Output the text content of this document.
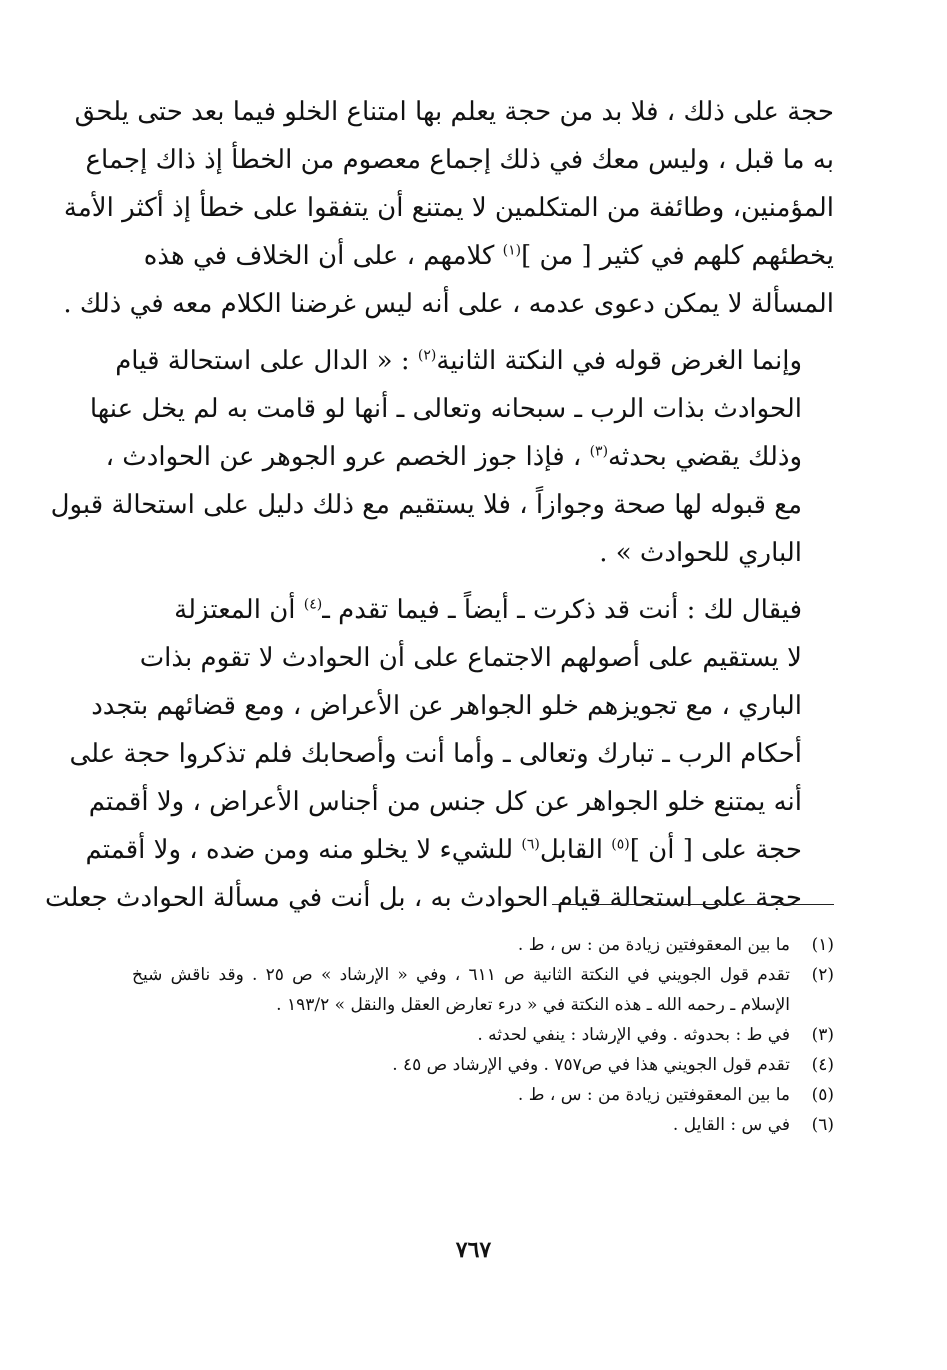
حجة على ذلك ، فلا بد من حجة يعلم بها امتناع الخلو فيما بعد حتى يلحق
به ما قبل ، وليس معك في ذلك إجماع معصوم من الخطأ إذ ذاك إجماع
المؤمنين، وطائفة من المتكلمين لا يمتنع أن يتفقوا على خطأ إذ أكثر الأمة
يخطئهم كلهم في كثير [ من ]$^{(١)}$ كلامهم ، على أن الخلاف في هذه
المسألة لا يمكن دعوى عدمه ، على أنه ليس غرضنا الكلام معه في ذلك .

وإنما الغرض قوله في النكتة الثانية$^{(٢)}$ : « الدال على استحالة قيام
الحوادث بذات الرب ـ سبحانه وتعالى ـ أنها لو قامت به لم يخل عنها
وذلك يقضي بحدثه$^{(٣)}$ ، فإذا جوز الخصم عرو الجوهر عن الحوادث ،
مع قبوله لها صحة وجوازاً ، فلا يستقيم مع ذلك دليل على استحالة قبول
الباري للحوادث » .

فيقال لك : أنت قد ذكرت ـ أيضاً ـ فيما تقدم ـ$^{(٤)}$ أن المعتزلة
لا يستقيم على أصولهم الاجتماع على أن الحوادث لا تقوم بذات
الباري ، مع تجويزهم خلو الجواهر عن الأعراض ، ومع قضائهم بتجدد
أحكام الرب ـ تبارك وتعالى ـ وأما أنت وأصحابك فلم تذكروا حجة على
أنه يمتنع خلو الجواهر عن كل جنس من أجناس الأعراض ، ولا أقمتم
حجة على [ أن ]$^{(٥)}$ القابل$^{(٦)}$ للشيء لا يخلو منه ومن ضده ، ولا أقمتم
حجة على استحالة قيام الحوادث به ، بل أنت في مسألة الحوادث جعلت

(١)
ما بين المعقوفتين زيادة من : س ، ط .
(٢)
تقدم قول الجويني في النكتة الثانية ص ٦١١ ، وفي « الإرشاد » ص ٢٥ . وقد ناقش شيخ الإسلام ـ رحمه الله ـ هذه النكتة في « درء تعارض العقل والنقل » ١٩٣/٢ .
(٣)
في ط : بحدوثه . وفي الإرشاد : ينفي لحدثه .
(٤)
تقدم قول الجويني هذا في ص٧٥٧ . وفي الإرشاد ص ٤٥ .
(٥)
ما بين المعقوفتين زيادة من : س ، ط .
(٦)
في س : القايل .
٧٦٧
